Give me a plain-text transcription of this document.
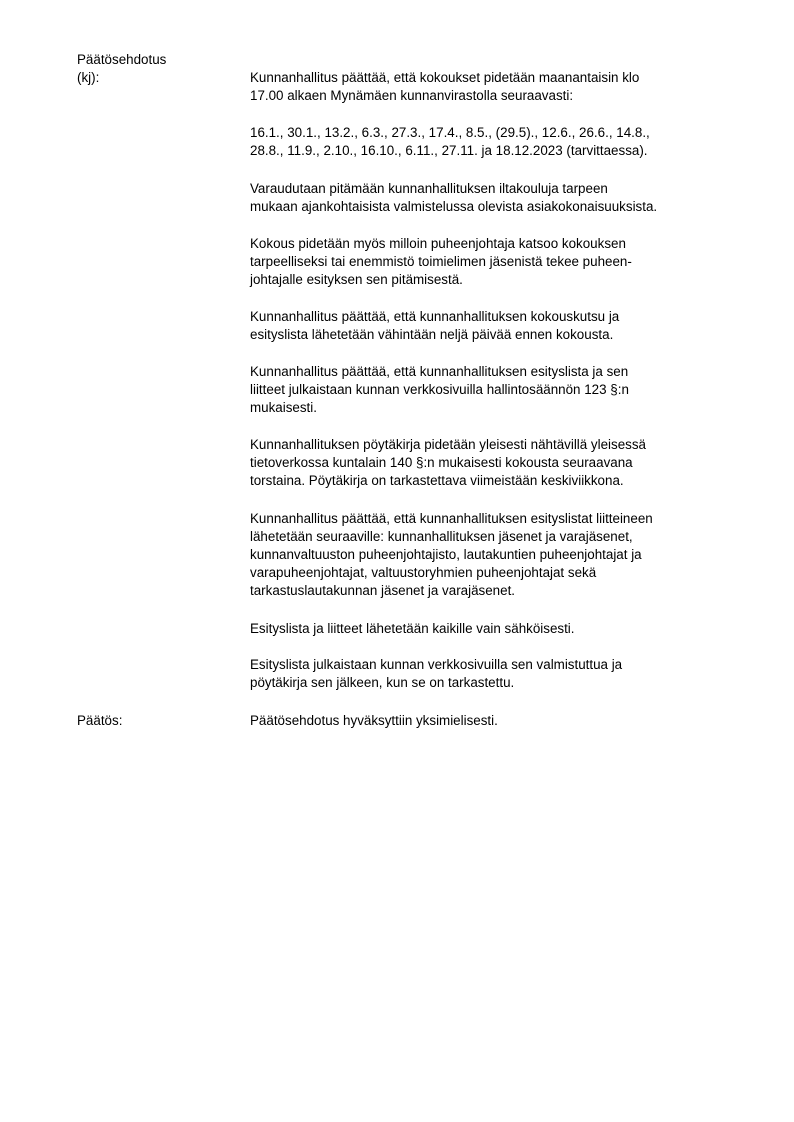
Päätösehdotus
(kj):	Kunnanhallitus päättää, että kokoukset pidetään maanantaisin klo
17.00 alkaen Mynämäen kunnanvirastolla seuraavasti:
16.1., 30.1., 13.2., 6.3., 27.3., 17.4., 8.5., (29.5)., 12.6., 26.6., 14.8.,
28.8., 11.9., 2.10., 16.10., 6.11., 27.11. ja 18.12.2023 (tarvittaessa).
Varaudutaan pitämään kunnanhallituksen iltakouluja tarpeen
mukaan ajankohtaisista valmistelussa olevista asiakokonaisuuksista.
Kokous pidetään myös milloin puheenjohtaja katsoo kokouksen
tarpeelliseksi tai enemmistö toimielimen jäsenistä tekee puheen-
johtajalle esityksen sen pitämisestä.
Kunnanhallitus päättää, että kunnanhallituksen kokouskutsu ja
esityslista lähetetään vähintään neljä päivää ennen kokousta.
Kunnanhallitus päättää, että kunnanhallituksen esityslista ja sen
liitteet julkaistaan kunnan verkkosivuilla hallintosäännön 123 §:n
mukaisesti.
Kunnanhallituksen pöytäkirja pidetään yleisesti nähtävillä yleisessä
tietoverkossa kuntalain 140 §:n mukaisesti kokousta seuraavana
torstaina. Pöytäkirja on tarkastettava viimeistään keskiviikkona.
Kunnanhallitus päättää, että kunnanhallituksen esityslistat liitteineen
lähetetään seuraaville: kunnanhallituksen jäsenet ja varajäsenet,
kunnanvaltuuston puheenjohtajisto, lautakuntien puheenjohtajat ja
varapuheenjohtajat, valtuustoryhmien puheenjohtajat sekä
tarkastuslautakunnan jäsenet ja varajäsenet.
Esityslista ja liitteet lähetetään kaikille vain sähköisesti.
Esityslista julkaistaan kunnan verkkosivuilla sen valmistuttua ja
pöytäkirja sen jälkeen, kun se on tarkastettu.
Päätös:	Päätösehdotus hyväksyttiin yksimielisesti.
